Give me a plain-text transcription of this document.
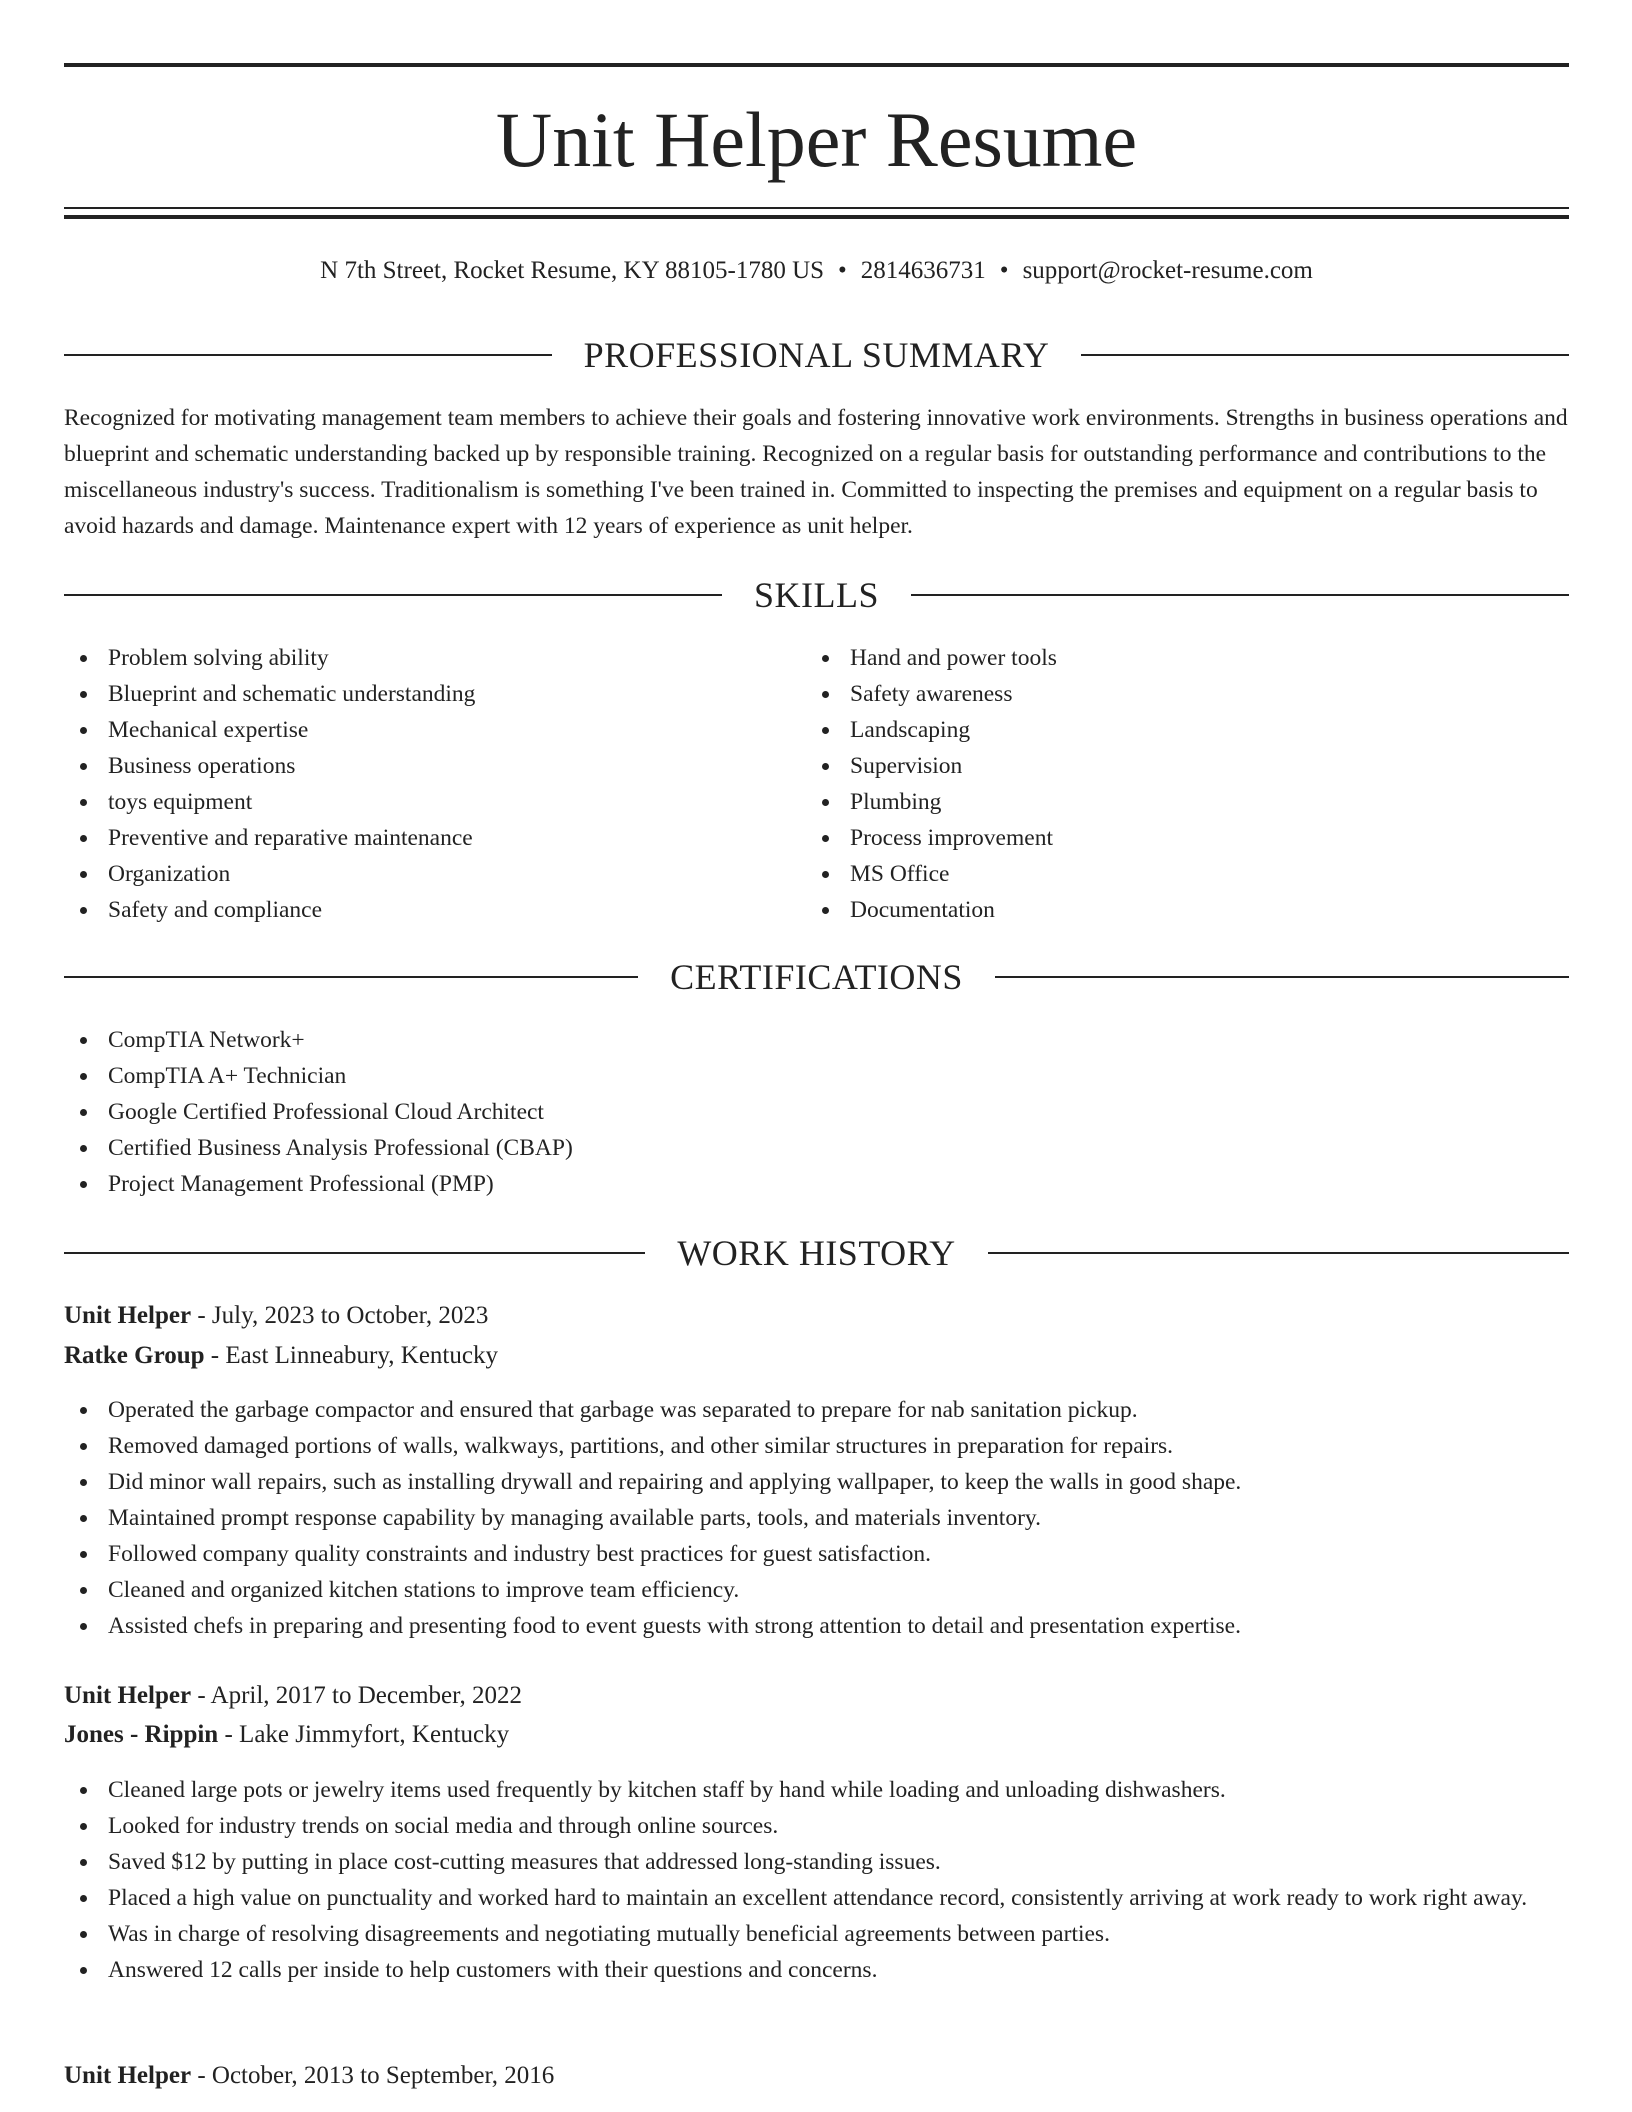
Unit Helper Resume
N 7th Street, Rocket Resume, KY 88105-1780 US • 2814636731 • support@rocket-resume.com
PROFESSIONAL SUMMARY

Recognized for motivating management team members to achieve their goals and fostering innovative work environments. Strengths in business operations and blueprint and schematic understanding backed up by responsible training. Recognized on a regular basis for outstanding performance and contributions to the miscellaneous industry's success. Traditionalism is something I've been trained in. Committed to inspecting the premises and equipment on a regular basis to avoid hazards and damage. Maintenance expert with 12 years of experience as unit helper.

SKILLS
Problem solving ability
Blueprint and schematic understanding
Mechanical expertise
Business operations
toys equipment
Preventive and reparative maintenance
Organization
Safety and compliance
Hand and power tools
Safety awareness
Landscaping
Supervision
Plumbing
Process improvement
MS Office
Documentation
CERTIFICATIONS
CompTIA Network+
CompTIA A+ Technician
Google Certified Professional Cloud Architect
Certified Business Analysis Professional (CBAP)
Project Management Professional (PMP)
WORK HISTORY
Unit Helper - July, 2023 to October, 2023
Ratke Group - East Linneabury, Kentucky
Operated the garbage compactor and ensured that garbage was separated to prepare for nab sanitation pickup.
Removed damaged portions of walls, walkways, partitions, and other similar structures in preparation for repairs.
Did minor wall repairs, such as installing drywall and repairing and applying wallpaper, to keep the walls in good shape.
Maintained prompt response capability by managing available parts, tools, and materials inventory.
Followed company quality constraints and industry best practices for guest satisfaction.
Cleaned and organized kitchen stations to improve team efficiency.
Assisted chefs in preparing and presenting food to event guests with strong attention to detail and presentation expertise.
Unit Helper - April, 2017 to December, 2022
Jones - Rippin - Lake Jimmyfort, Kentucky
Cleaned large pots or jewelry items used frequently by kitchen staff by hand while loading and unloading dishwashers.
Looked for industry trends on social media and through online sources.
Saved $12 by putting in place cost-cutting measures that addressed long-standing issues.
Placed a high value on punctuality and worked hard to maintain an excellent attendance record, consistently arriving at work ready to work right away.
Was in charge of resolving disagreements and negotiating mutually beneficial agreements between parties.
Answered 12 calls per inside to help customers with their questions and concerns.
Unit Helper - October, 2013 to September, 2016
